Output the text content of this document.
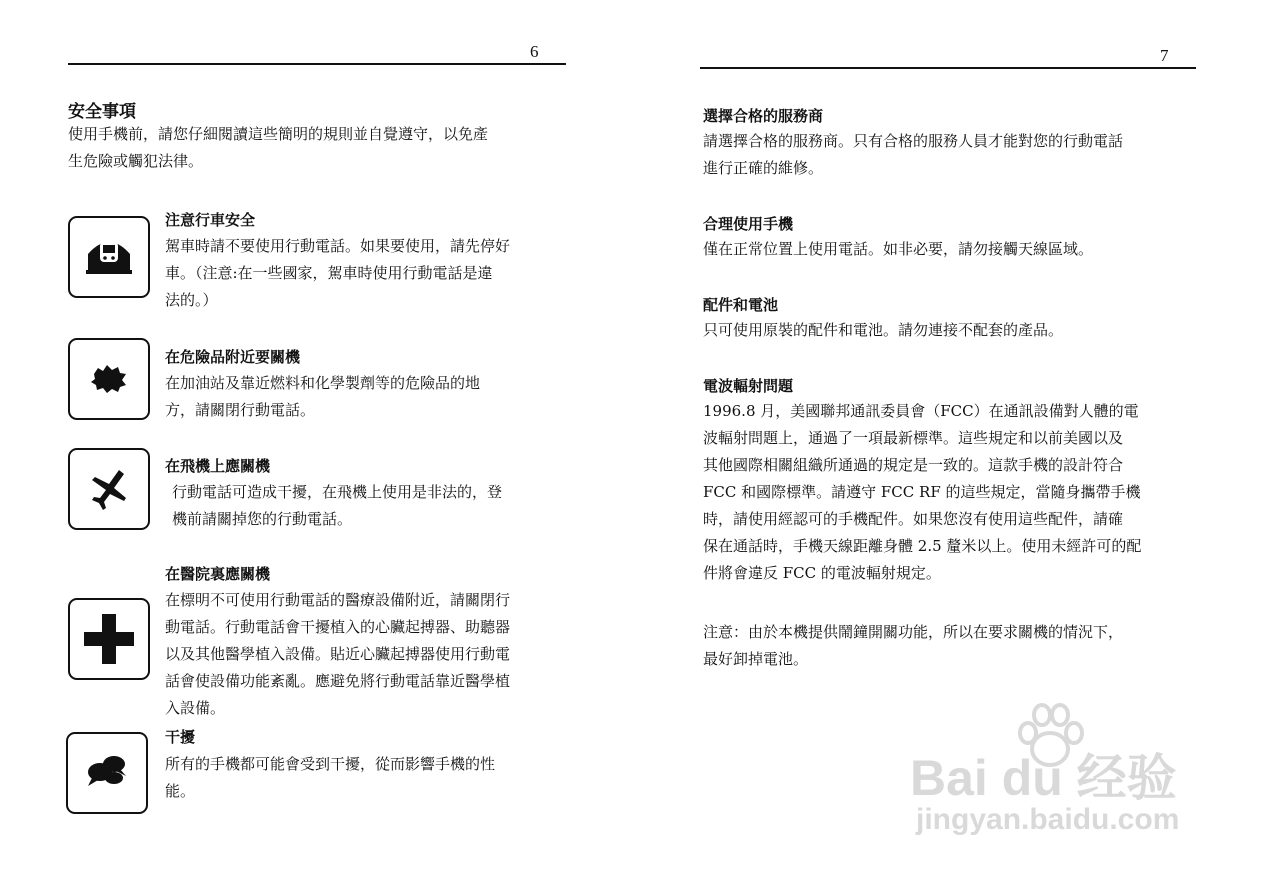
6
安全事項
使用手機前，請您仔細閱讀這些簡明的規則並自覺遵守，以免產
生危險或觸犯法律。
注意行車安全
駕車時請不要使用行動電話。如果要使用，請先停好
車。（注意:在一些國家，駕車時使用行動電話是違
法的。）
在危險品附近要關機
在加油站及靠近燃料和化學製劑等的危險品的地
方，請關閉行動電話。
在飛機上應關機
行動電話可造成干擾，在飛機上使用是非法的，登
機前請關掉您的行動電話。
在醫院裏應關機
在標明不可使用行動電話的醫療設備附近，請關閉行
動電話。行動電話會干擾植入的心臟起搏器、助聽器
以及其他醫學植入設備。貼近心臟起搏器使用行動電
話會使設備功能紊亂。應避免將行動電話靠近醫學植
入設備。
干擾
所有的手機都可能會受到干擾，從而影響手機的性
能。
7
選擇合格的服務商
請選擇合格的服務商。只有合格的服務人員才能對您的行動電話
進行正確的維修。
合理使用手機
僅在正常位置上使用電話。如非必要，請勿接觸天線區域。
配件和電池
只可使用原裝的配件和電池。請勿連接不配套的產品。
電波輻射問題
1996.8 月，美國聯邦通訊委員會（FCC）在通訊設備對人體的電
波輻射問題上，通過了一項最新標準。這些規定和以前美國以及
其他國際相關組織所通過的規定是一致的。這款手機的設計符合
FCC 和國際標準。請遵守 FCC RF 的這些規定，當隨身攜帶手機
時，請使用經認可的手機配件。如果您沒有使用這些配件，請確
保在通話時，手機天線距離身體 2.5 釐米以上。使用未經許可的配
件將會違反 FCC 的電波輻射規定。
注意：由於本機提供鬧鐘開關功能，所以在要求關機的情況下，
最好卸掉電池。
Bai du 经验
jingyan.baidu.com
